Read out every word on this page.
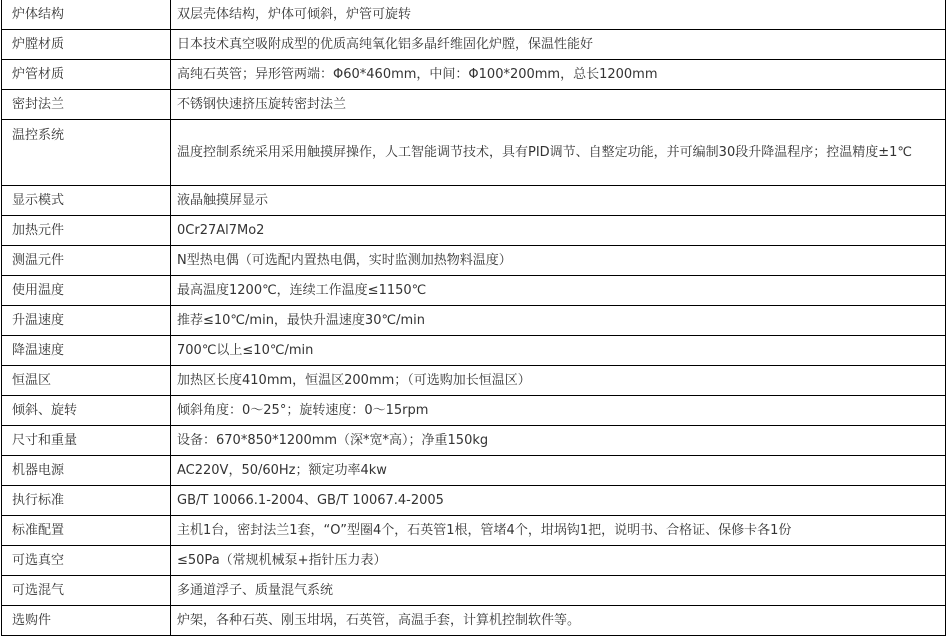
炉体结构	双层壳体结构，炉体可倾斜，炉管可旋转
炉膛材质	日本技术真空吸附成型的优质高纯氧化铝多晶纤维固化炉膛，保温性能好
炉管材质	高纯石英管；异形管两端：Φ60*460mm，中间：Φ100*200mm，总长1200mm
密封法兰	不锈钢快速挤压旋转密封法兰
温控系统	温度控制系统采用采用触摸屏操作，人工智能调节技术，具有PID调节、自整定功能，并可编制30段升降温程序；控温精度±1℃
显示模式	液晶触摸屏显示
加热元件	0Cr27Al7Mo2
测温元件	N型热电偶（可选配内置热电偶，实时监测加热物料温度）
使用温度	最高温度1200℃，连续工作温度≤1150℃
升温速度	推荐≤10℃/min，最快升温速度30℃/min
降温速度	700℃以上≤10℃/min
恒温区	加热区长度410mm，恒温区200mm；（可选购加长恒温区）
倾斜、旋转	倾斜角度：0～25°；旋转速度：0～15rpm
尺寸和重量	设备：670*850*1200mm（深*宽*高）；净重150kg
机器电源	AC220V，50/60Hz；额定功率4kw
执行标准	GB/T 10066.1-2004、GB/T 10067.4-2005
标准配置	主机1台，密封法兰1套，“O”型圈4个，石英管1根，管堵4个，坩埚钩1把，说明书、合格证、保修卡各1份
可选真空	≤50Pa（常规机械泵+指针压力表）
可选混气	多通道浮子、质量混气系统
选购件	炉架，各种石英、刚玉坩埚，石英管，高温手套，计算机控制软件等。
